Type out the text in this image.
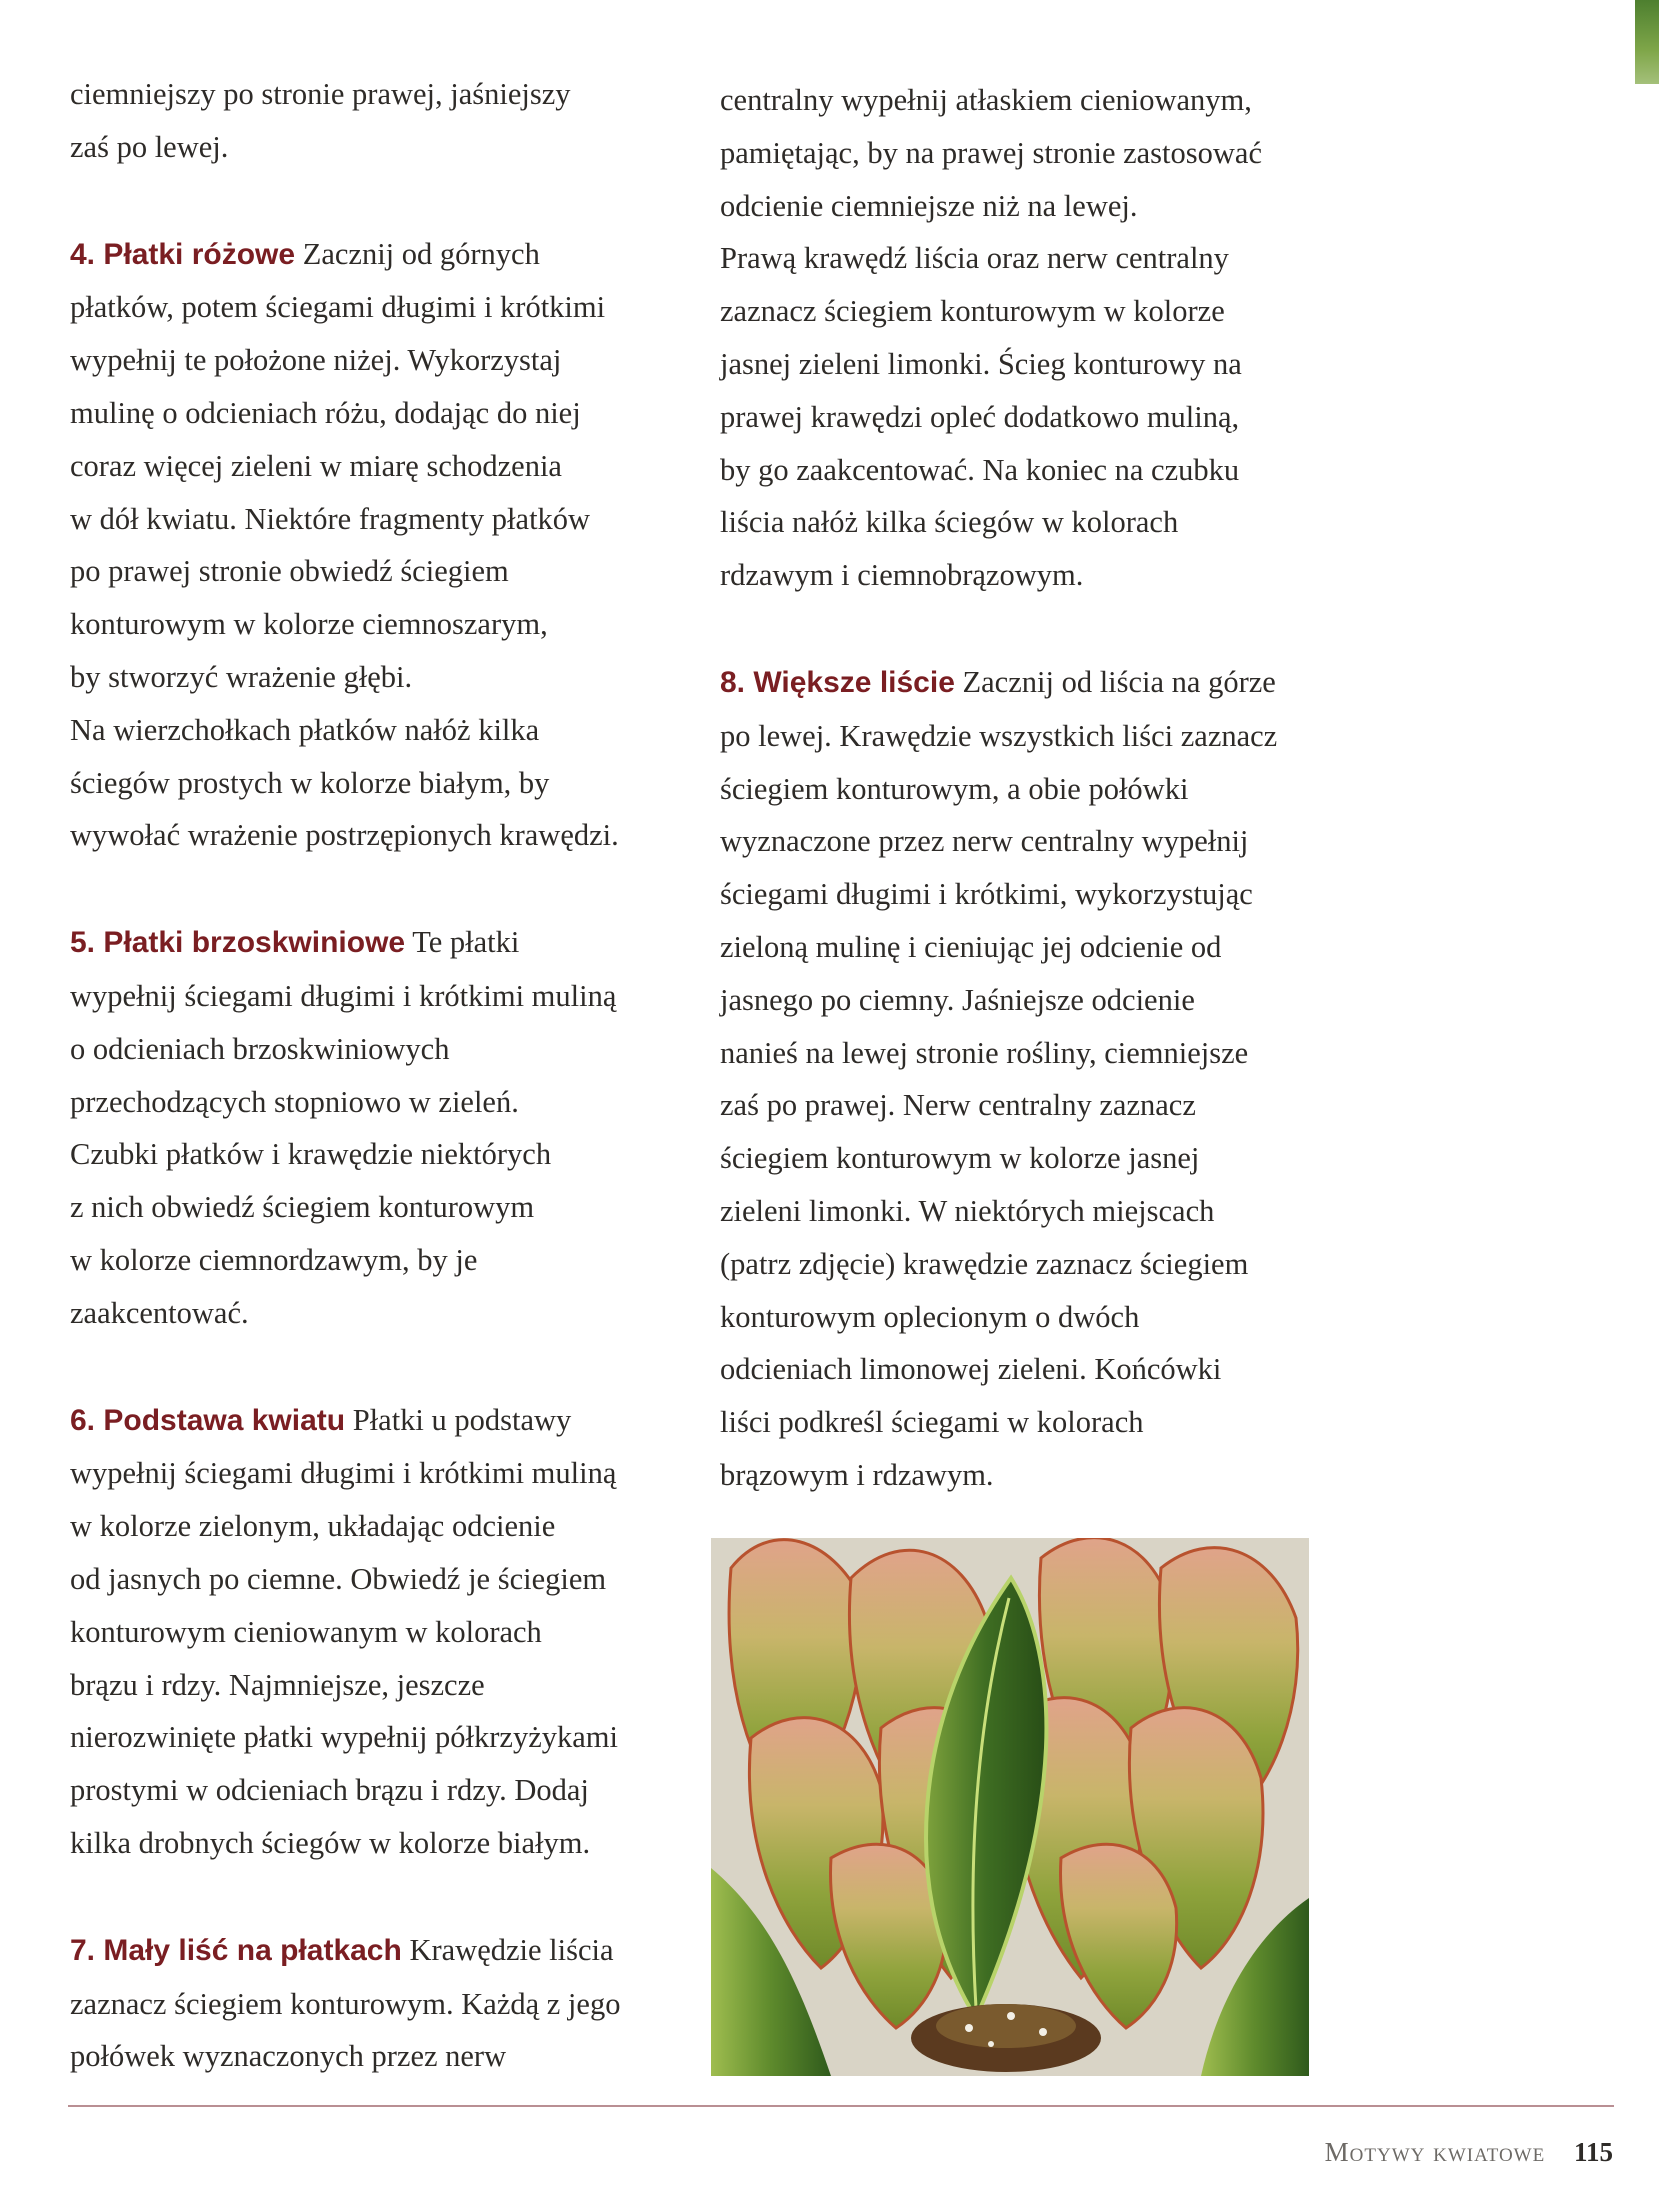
ciemniejszy po stronie prawej, jaśniejszy
zaś po lewej.
4. Płatki różowe Zacznij od górnych
płatków, potem ściegami długimi i krótkimi
wypełnij te położone niżej. Wykorzystaj
mulinę o odcieniach różu, dodając do niej
coraz więcej zieleni w miarę schodzenia
w dół kwiatu. Niektóre fragmenty płatków
po prawej stronie obwiedź ściegiem
konturowym w kolorze ciemnoszarym,
by stworzyć wrażenie głębi.
Na wierzchołkach płatków nałóż kilka
ściegów prostych w kolorze białym, by
wywołać wrażenie postrzępionych krawędzi.
5. Płatki brzoskwiniowe Te płatki
wypełnij ściegami długimi i krótkimi muliną
o odcieniach brzoskwiniowych
przechodzących stopniowo w zieleń.
Czubki płatków i krawędzie niektórych
z nich obwiedź ściegiem konturowym
w kolorze ciemnordzawym, by je
zaakcentować.
6. Podstawa kwiatu Płatki u podstawy
wypełnij ściegami długimi i krótkimi muliną
w kolorze zielonym, układając odcienie
od jasnych po ciemne. Obwiedź je ściegiem
konturowym cieniowanym w kolorach
brązu i rdzy. Najmniejsze, jeszcze
nierozwinięte płatki wypełnij półkrzyżykami
prostymi w odcieniach brązu i rdzy. Dodaj
kilka drobnych ściegów w kolorze białym.
7. Mały liść na płatkach Krawędzie liścia
zaznacz ściegiem konturowym. Każdą z jego
połówek wyznaczonych przez nerw
centralny wypełnij atłaskiem cieniowanym,
pamiętając, by na prawej stronie zastosować
odcienie ciemniejsze niż na lewej.
Prawą krawędź liścia oraz nerw centralny
zaznacz ściegiem konturowym w kolorze
jasnej zieleni limonki. Ścieg konturowy na
prawej krawędzi opleć dodatkowo muliną,
by go zaakcentować. Na koniec na czubku
liścia nałóż kilka ściegów w kolorach
rdzawym i ciemnobrązowym.
8. Większe liście Zacznij od liścia na górze
po lewej. Krawędzie wszystkich liści zaznacz
ściegiem konturowym, a obie połówki
wyznaczone przez nerw centralny wypełnij
ściegami długimi i krótkimi, wykorzystując
zieloną mulinę i cieniując jej odcienie od
jasnego po ciemny. Jaśniejsze odcienie
nanieś na lewej stronie rośliny, ciemniejsze
zaś po prawej. Nerw centralny zaznacz
ściegiem konturowym w kolorze jasnej
zieleni limonki. W niektórych miejscach
(patrz zdjęcie) krawędzie zaznacz ściegiem
konturowym oplecionym o dwóch
odcieniach limonowej zieleni. Końcówki
liści podkreśl ściegami w kolorach
brązowym i rdzawym.
Motywy kwiatowe 115
